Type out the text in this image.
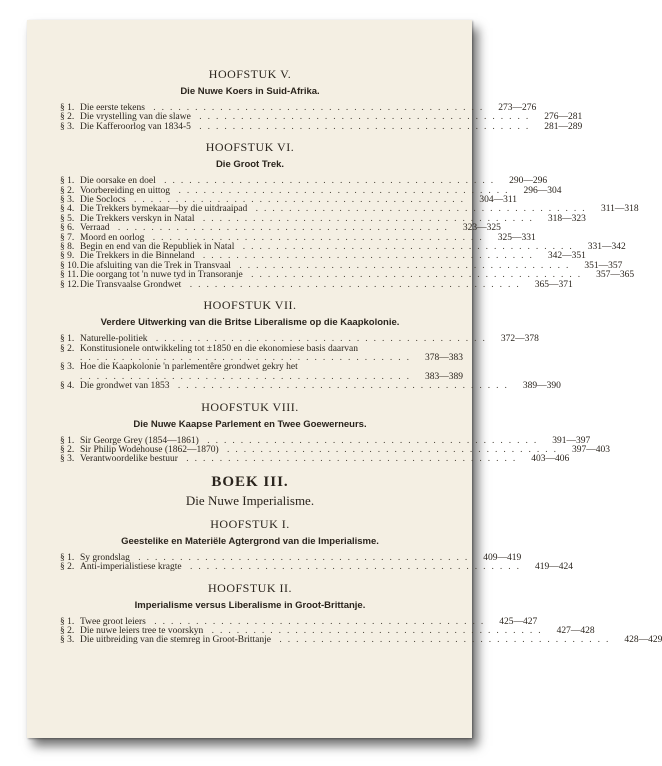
HOOFSTUK V.
Die Nuwe Koers in Suid-Afrika.
§ 1. Die eerste tekens ........................................	273—276
§ 2. Die vrystelling van die slawe ........................................	276—281
§ 3. Die Kafferoorlog van 1834-5 ........................................	281—289
HOOFSTUK VI.
Die Groot Trek.
§ 1. Die oorsake en doel ........................................	290—296
§ 2. Voorbereiding en uittog ........................................	296—304
§ 3. Die Soclocs ........................................	304—311
§ 4. Die Trekkers bymekaar—by die uitdraaipad ........................................	311—318
§ 5. Die Trekkers verskyn in Natal ........................................	318—323
§ 6. Verraad ........................................	323—325
§ 7. Moord en oorlog ........................................	325—331
§ 8. Begin en end van die Republiek in Natal ........................................	331—342
§ 9. Die Trekkers in die Binneland ........................................	342—351
§ 10. Die afsluiting van die Trek in Transvaal ........................................	351—357
§ 11. Die oorgang tot 'n nuwe tyd in Transoranje ........................................	357—365
§ 12. Die Transvaalse Grondwet ........................................	365—371
HOOFSTUK VII.
Verdere Uitwerking van die Britse Liberalisme op die Kaapkolonie.
§ 1. Naturelle-politiek ........................................	372—378
§ 2. Konstitusionele ontwikkeling tot ±1850 en die ekonomiese basis daarvan ........................................	378—383
§ 3. Hoe die Kaapkolonie 'n parlementêre grondwet gekry het ........................................	383—389
§ 4. Die grondwet van 1853 ........................................	389—390
HOOFSTUK VIII.
Die Nuwe Kaapse Parlement en Twee Goewerneurs.
§ 1. Sir George Grey (1854—1861) ........................................	391—397
§ 2. Sir Philip Wodehouse (1862—1870) ........................................	397—403
§ 3. Verantwoordelike bestuur ........................................	403—406
BOEK III.
Die Nuwe Imperialisme.
HOOFSTUK I.
Geestelike en Materiële Agtergrond van die Imperialisme.
§ 1. Sy grondslag ........................................	409—419
§ 2. Anti-imperialistiese kragte ........................................	419—424
HOOFSTUK II.
Imperialisme versus Liberalisme in Groot-Brittanje.
§ 1. Twee groot leiers ........................................	425—427
§ 2. Die nuwe leiers tree te voorskyn ........................................	427—428
§ 3. Die uitbreiding van die stemreg in Groot-Brittanje ........................................	428—429
